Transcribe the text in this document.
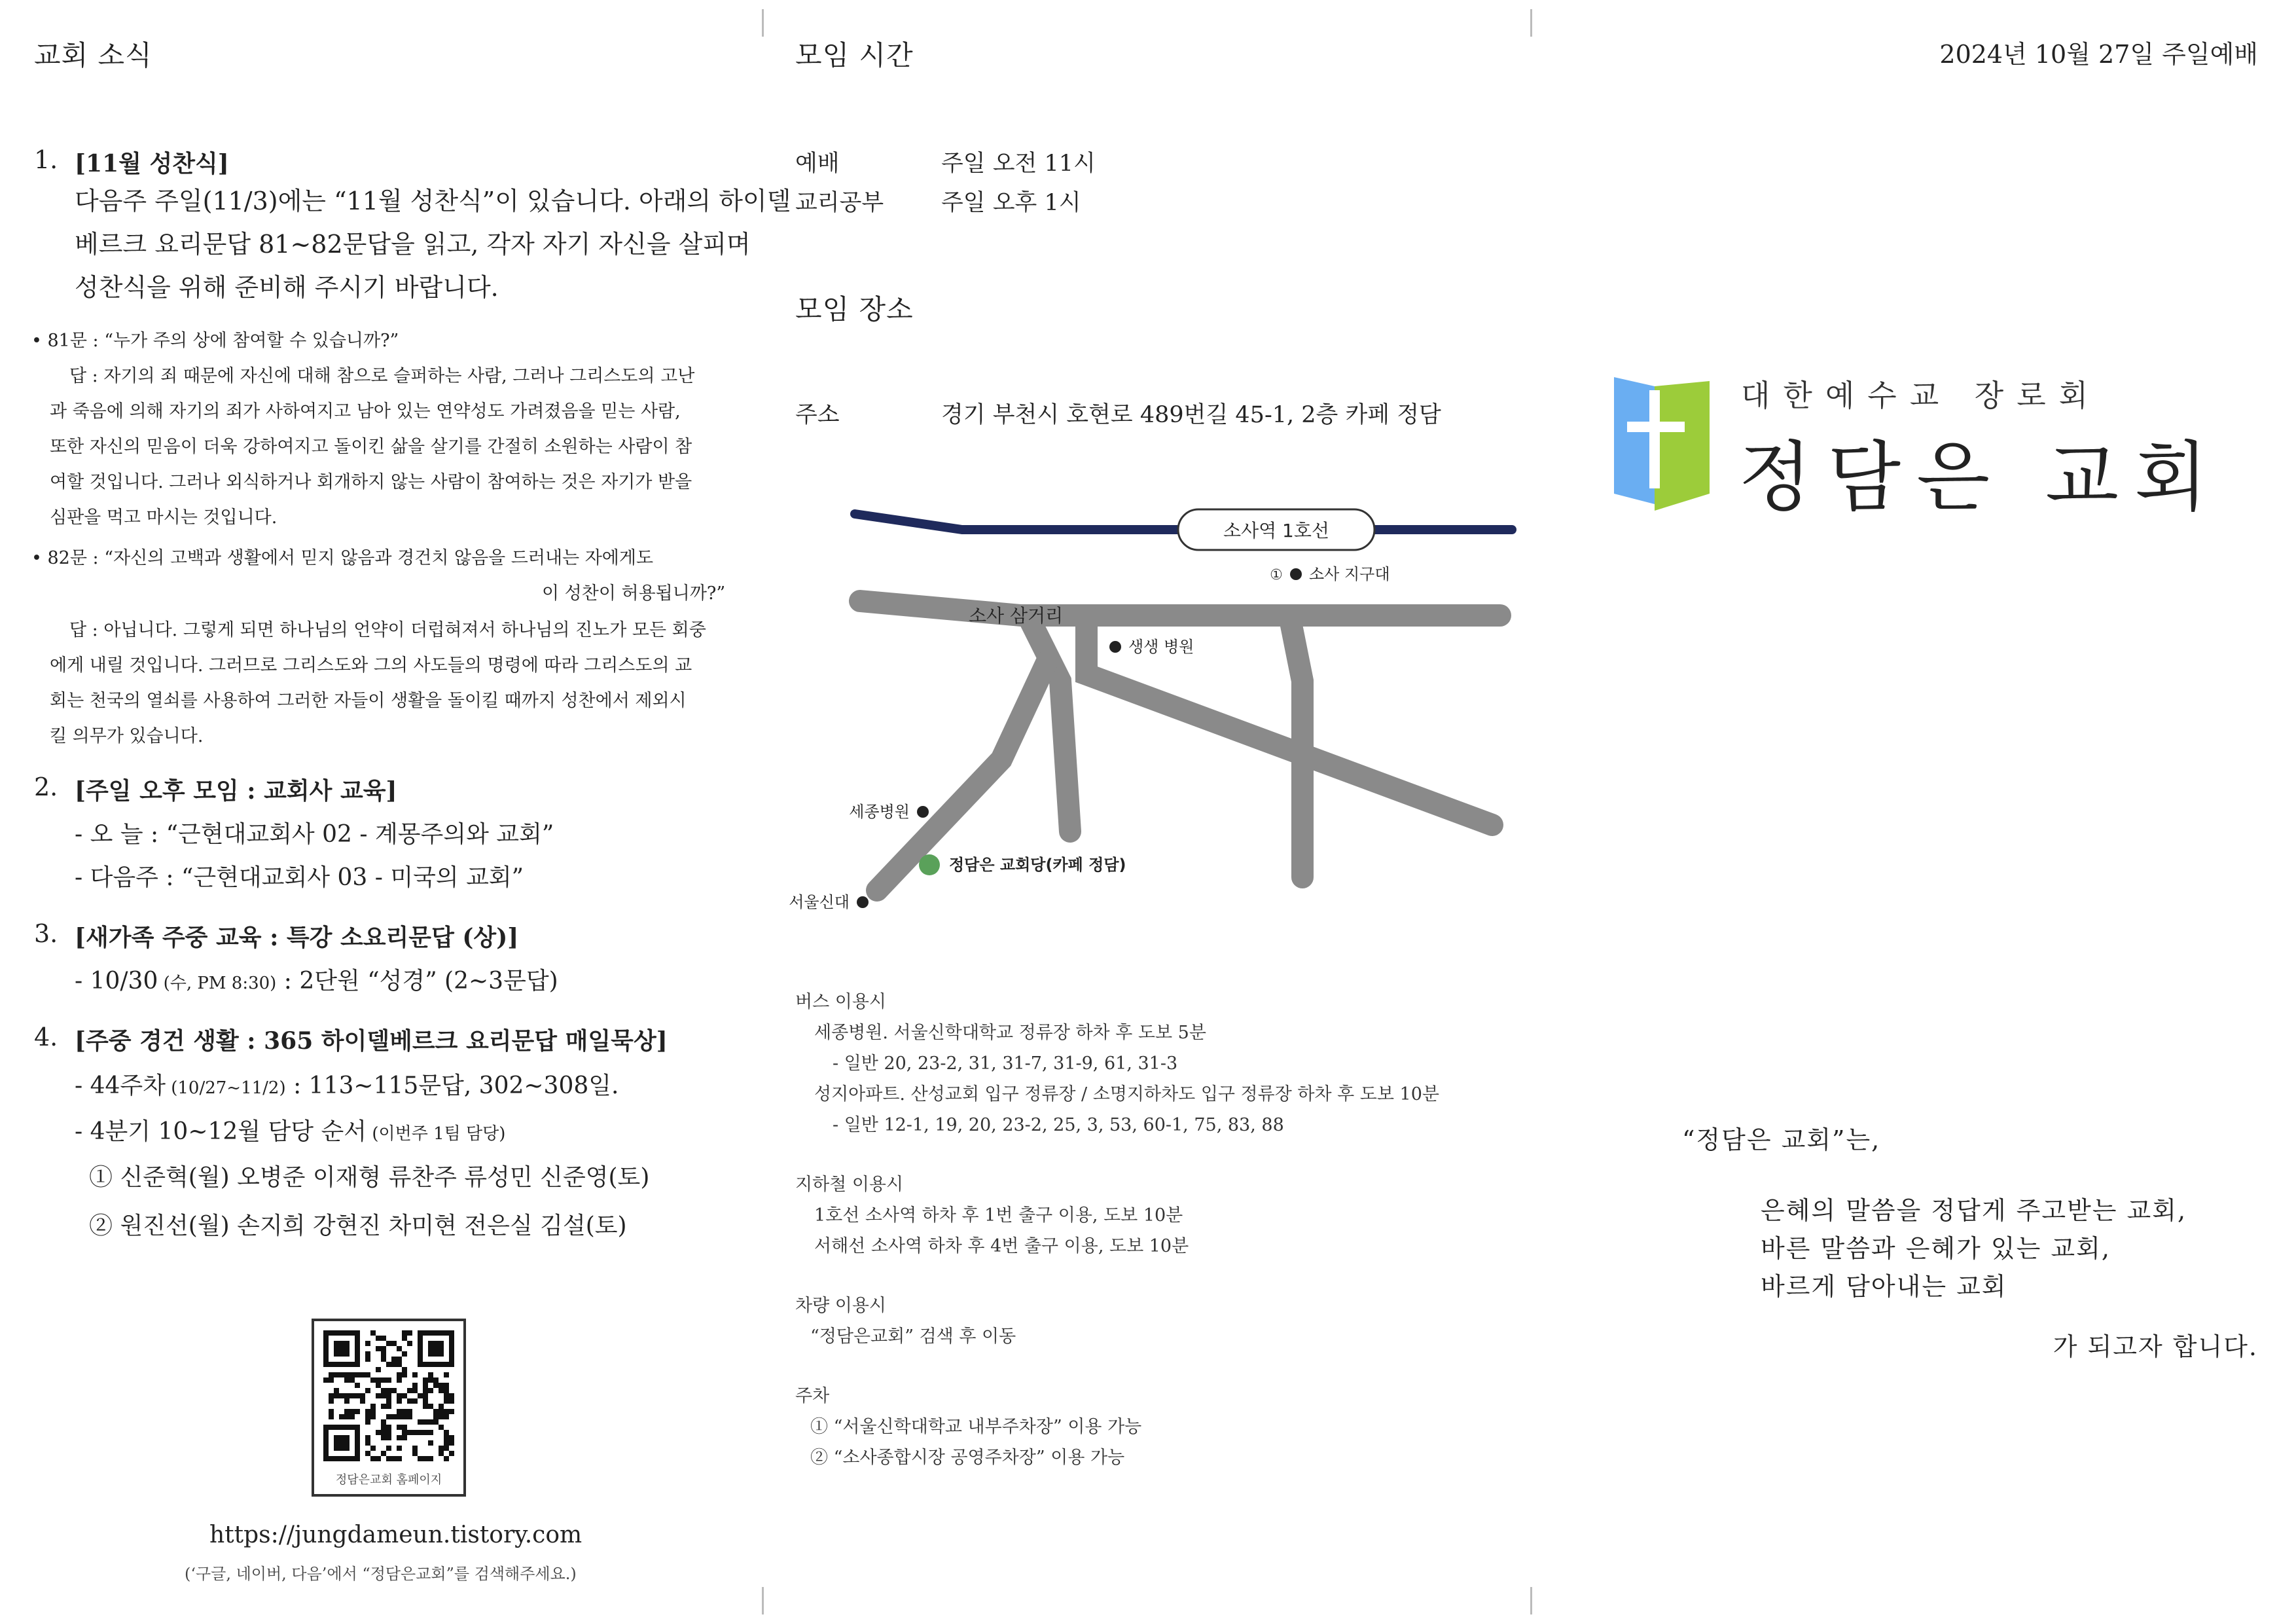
교회 소식
1. [11월 성찬식]
다음주 주일(11/3)에는 “11월 성찬식”이 있습니다. 아래의 하이델
베르크 요리문답 81~82문답을 읽고, 각자 자기 자신을 살피며
성찬식을 위해 준비해 주시기 바랍니다.
• 81문 : “누가 주의 상에 참여할 수 있습니까?”
답 : 자기의 죄 때문에 자신에 대해 참으로 슬퍼하는 사람, 그러나 그리스도의 고난
과 죽음에 의해 자기의 죄가 사하여지고 남아 있는 연약성도 가려졌음을 믿는 사람,
또한 자신의 믿음이 더욱 강하여지고 돌이킨 삶을 살기를 간절히 소원하는 사람이 참
여할 것입니다. 그러나 외식하거나 회개하지 않는 사람이 참여하는 것은 자기가 받을
심판을 먹고 마시는 것입니다.
• 82문 : “자신의 고백과 생활에서 믿지 않음과 경건치 않음을 드러내는 자에게도
이 성찬이 허용됩니까?”
답 : 아닙니다. 그렇게 되면 하나님의 언약이 더럽혀져서 하나님의 진노가 모든 회중
에게 내릴 것입니다. 그러므로 그리스도와 그의 사도들의 명령에 따라 그리스도의 교
회는 천국의 열쇠를 사용하여 그러한 자들이 생활을 돌이킬 때까지 성찬에서 제외시
킬 의무가 있습니다.
2. [주일 오후 모임 : 교회사 교육]
- 오 늘 : “근현대교회사 02 - 계몽주의와 교회”
- 다음주 : “근현대교회사 03 - 미국의 교회”
3. [새가족 주중 교육 : 특강 소요리문답 (상)]
- 10/30 (수, PM 8:30) : 2단원 “성경” (2~3문답)
4. [주중 경건 생활 : 365 하이델베르크 요리문답 매일묵상]
- 44주차 (10/27~11/2) : 113~115문답, 302~308일.
- 4분기 10~12월 담당 순서 (이번주 1팀 담당)
① 신준혁(월) 오병준 이재형 류찬주 류성민 신준영(토)
② 원진선(월) 손지희 강현진 차미현 전은실 김설(토)
정담은교회 홈페이지
https://jungdameun.tistory.com
(‘구글, 네이버, 다음’에서 “정담은교회”를 검색해주세요.)
모임 시간
예배	주일 오전 11시
교리공부	주일 오후 1시
모임 장소
주소	경기 부천시 호현로 489번길 45-1, 2층 카페 정담
소사역 1호선
소사 삼거리
① 소사 지구대
생생 병원
세종병원
정담은 교회당(카페 정담)
서울신대
버스 이용시
세종병원. 서울신학대학교 정류장 하차 후 도보 5분
- 일반 20, 23-2, 31, 31-7, 31-9, 61, 31-3
성지아파트. 산성교회 입구 정류장 / 소명지하차도 입구 정류장 하차 후 도보 10분
- 일반 12-1, 19, 20, 23-2, 25, 3, 53, 60-1, 75, 83, 88
지하철 이용시
1호선 소사역 하차 후 1번 출구 이용, 도보 10분
서해선 소사역 하차 후 4번 출구 이용, 도보 10분
차량 이용시
“정담은교회” 검색 후 이동
주차
① “서울신학대학교 내부주차장” 이용 가능
② “소사종합시장 공영주차장” 이용 가능
2024년 10월 27일 주일예배
대한예수교 장로회
정담은 교회
“정담은 교회”는,
은혜의 말씀을 정답게 주고받는 교회,
바른 말씀과 은혜가 있는 교회,
바르게 담아내는 교회
가 되고자 합니다.
